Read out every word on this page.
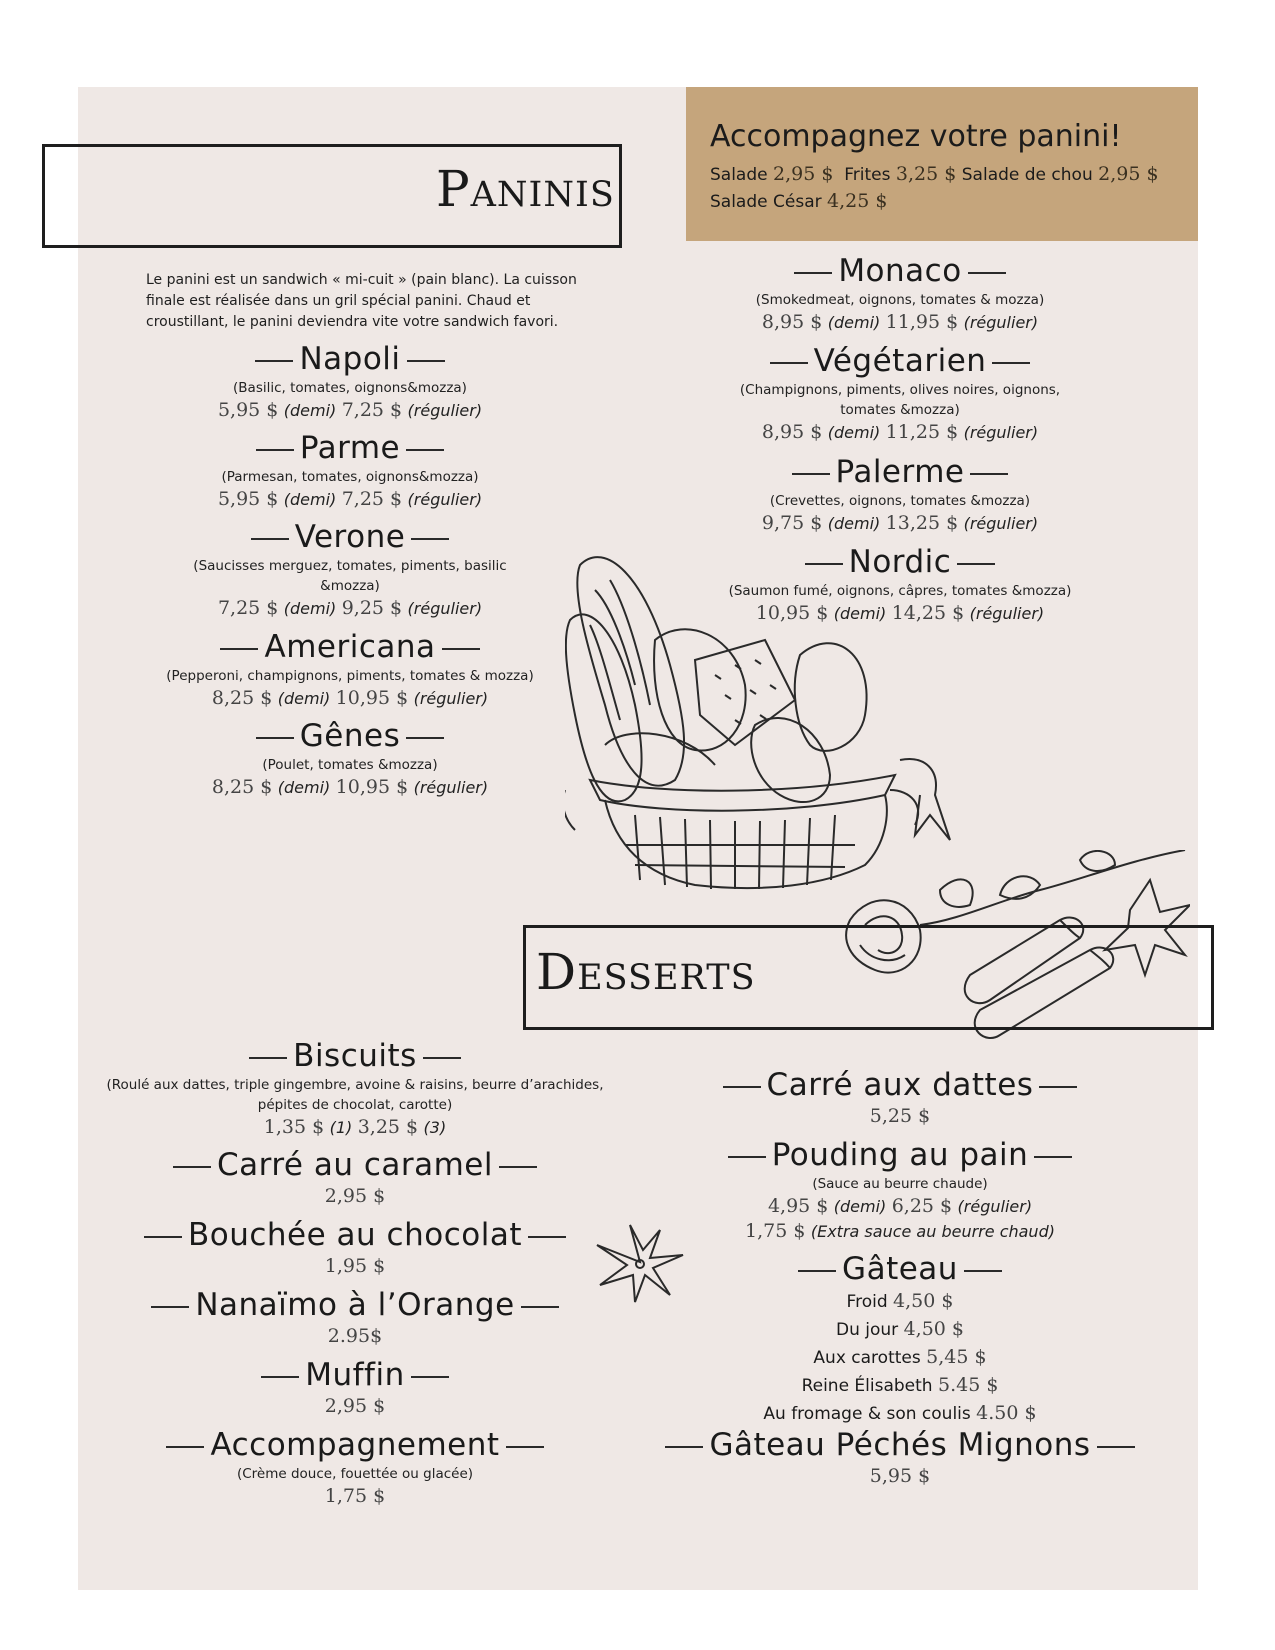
Accompagnez votre panini!
Salade 2,95 $ Frites 3,25 $ Salade de chou 2,95 $
Salade César 4,25 $
Paninis
Le panini est un sandwich « mi-cuit » (pain blanc). La cuisson finale est réalisée dans un gril spécial panini. Chaud et croustillant, le panini deviendra vite votre sandwich favori.
Napoli
(Basilic, tomates, oignons&mozza)
5,95 $ (demi) 7,25 $ (régulier)
Parme
(Parmesan, tomates, oignons&mozza)
5,95 $ (demi) 7,25 $ (régulier)
Verone
(Saucisses merguez, tomates, piments, basilic &mozza)
7,25 $ (demi) 9,25 $ (régulier)
Americana
(Pepperoni, champignons, piments, tomates & mozza)
8,25 $ (demi) 10,95 $ (régulier)
Gênes
(Poulet, tomates &mozza)
8,25 $ (demi) 10,95 $ (régulier)
Monaco
(Smokedmeat, oignons, tomates & mozza)
8,95 $ (demi) 11,95 $ (régulier)
Végétarien
(Champignons, piments, olives noires, oignons, tomates &mozza)
8,95 $ (demi) 11,25 $ (régulier)
Palerme
(Crevettes, oignons, tomates &mozza)
9,75 $ (demi) 13,25 $ (régulier)
Nordic
(Saumon fumé, oignons, câpres, tomates &mozza)
10,95 $ (demi) 14,25 $ (régulier)
Desserts
Biscuits
(Roulé aux dattes, triple gingembre, avoine & raisins, beurre d’arachides, pépites de chocolat, carotte)
1,35 $ (1) 3,25 $ (3)
Carré au caramel
2,95 $
Bouchée au chocolat
1,95 $
Nanaïmo à l’Orange
2.95$
Muffin
2,95 $
Accompagnement
(Crème douce, fouettée ou glacée)
1,75 $
Carré aux dattes
5,25 $
Pouding au pain
(Sauce au beurre chaude)
4,95 $ (demi) 6,25 $ (régulier)
1,75 $ (Extra sauce au beurre chaud)
Gâteau
Froid 4,50 $
Du jour 4,50 $
Aux carottes 5,45 $
Reine Élisabeth 5.45 $
Au fromage & son coulis 4.50 $
Gâteau Péchés Mignons
5,95 $
